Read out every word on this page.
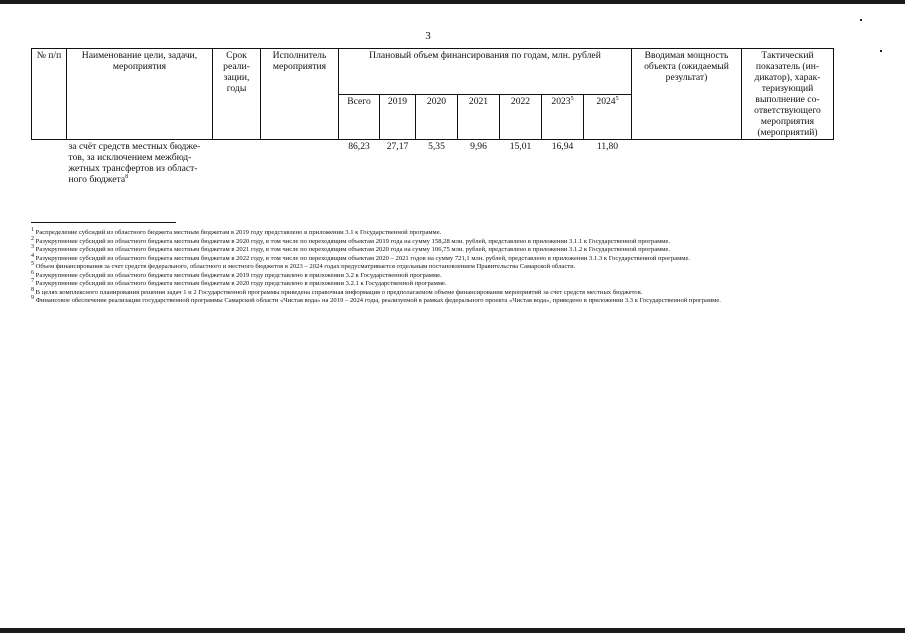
3
№ п/п	Наименование цели, задачи, мероприятия	Срок реали-зации, годы	Исполнитель мероприятия	Плановый объем финансирования по годам, млн. рублей							Вводимая мощность объекта (ожидаемый результат)	Тактический показатель (ин-дикатор), харак-теризующий выполнение со-ответствующего мероприятия (мероприятий)
				Всего	2019	2020	2021	2022	2023$^5$	2024$^5$
	за счёт средств местных бюдже-тов, за исключением межбюд-жетных трансфертов из област-ного бюджета$^8$			86,23	27,17	5,35	9,96	15,01	16,94	11,80		

$^1$ Распределение субсидий из областного бюджета местным бюджетам в 2019 году представлено в приложении 3.1 к Государственной программе.

$^2$ Разукрупнение субсидий из областного бюджета местным бюджетам в 2020 году, в том числе по переходящим объектам 2019 года на сумму 158,28 млн. рублей, представлено в приложении 3.1.1 к Государственной программе.

$^3$ Разукрупнение субсидий из областного бюджета местным бюджетам в 2021 году, в том числе по переходящим объектам 2020 года на сумму 106,75 млн. рублей, представлено в приложении 3.1.2 к Государственной программе.

$^4$ Разукрупнение субсидий из областного бюджета местным бюджетам в 2022 году, в том числе по переходящим объектам 2020 – 2021 годов на сумму 721,1 млн. рублей, представлено в приложении 3.1.3 к Государственной программе.

$^5$ Объем финансирования за счет средств федерального, областного и местного бюджетов в 2023 – 2024 годах предусматривается отдельным постановлением Правительства Самарской области.

$^6$ Разукрупнение субсидий из областного бюджета местным бюджетам в 2019 году представлено в приложении 3.2 к Государственной программе.

$^7$ Разукрупнение субсидий из областного бюджета местным бюджетам в 2020 году представлено в приложении 3.2.1 к Государственной программе.

$^8$ В целях комплексного планирования решения задач 1 и 2 Государственной программы приведена справочная информация о предполагаемом объеме финансирования мероприятий за счет средств местных бюджетов.

$^9$ Финансовое обеспечение реализации государственной программы Самарской области «Чистая вода» на 2019 – 2024 годы, реализуемой в рамках федерального проекта «Чистая вода», приведено в приложении 3.3 к Государственной программе.
